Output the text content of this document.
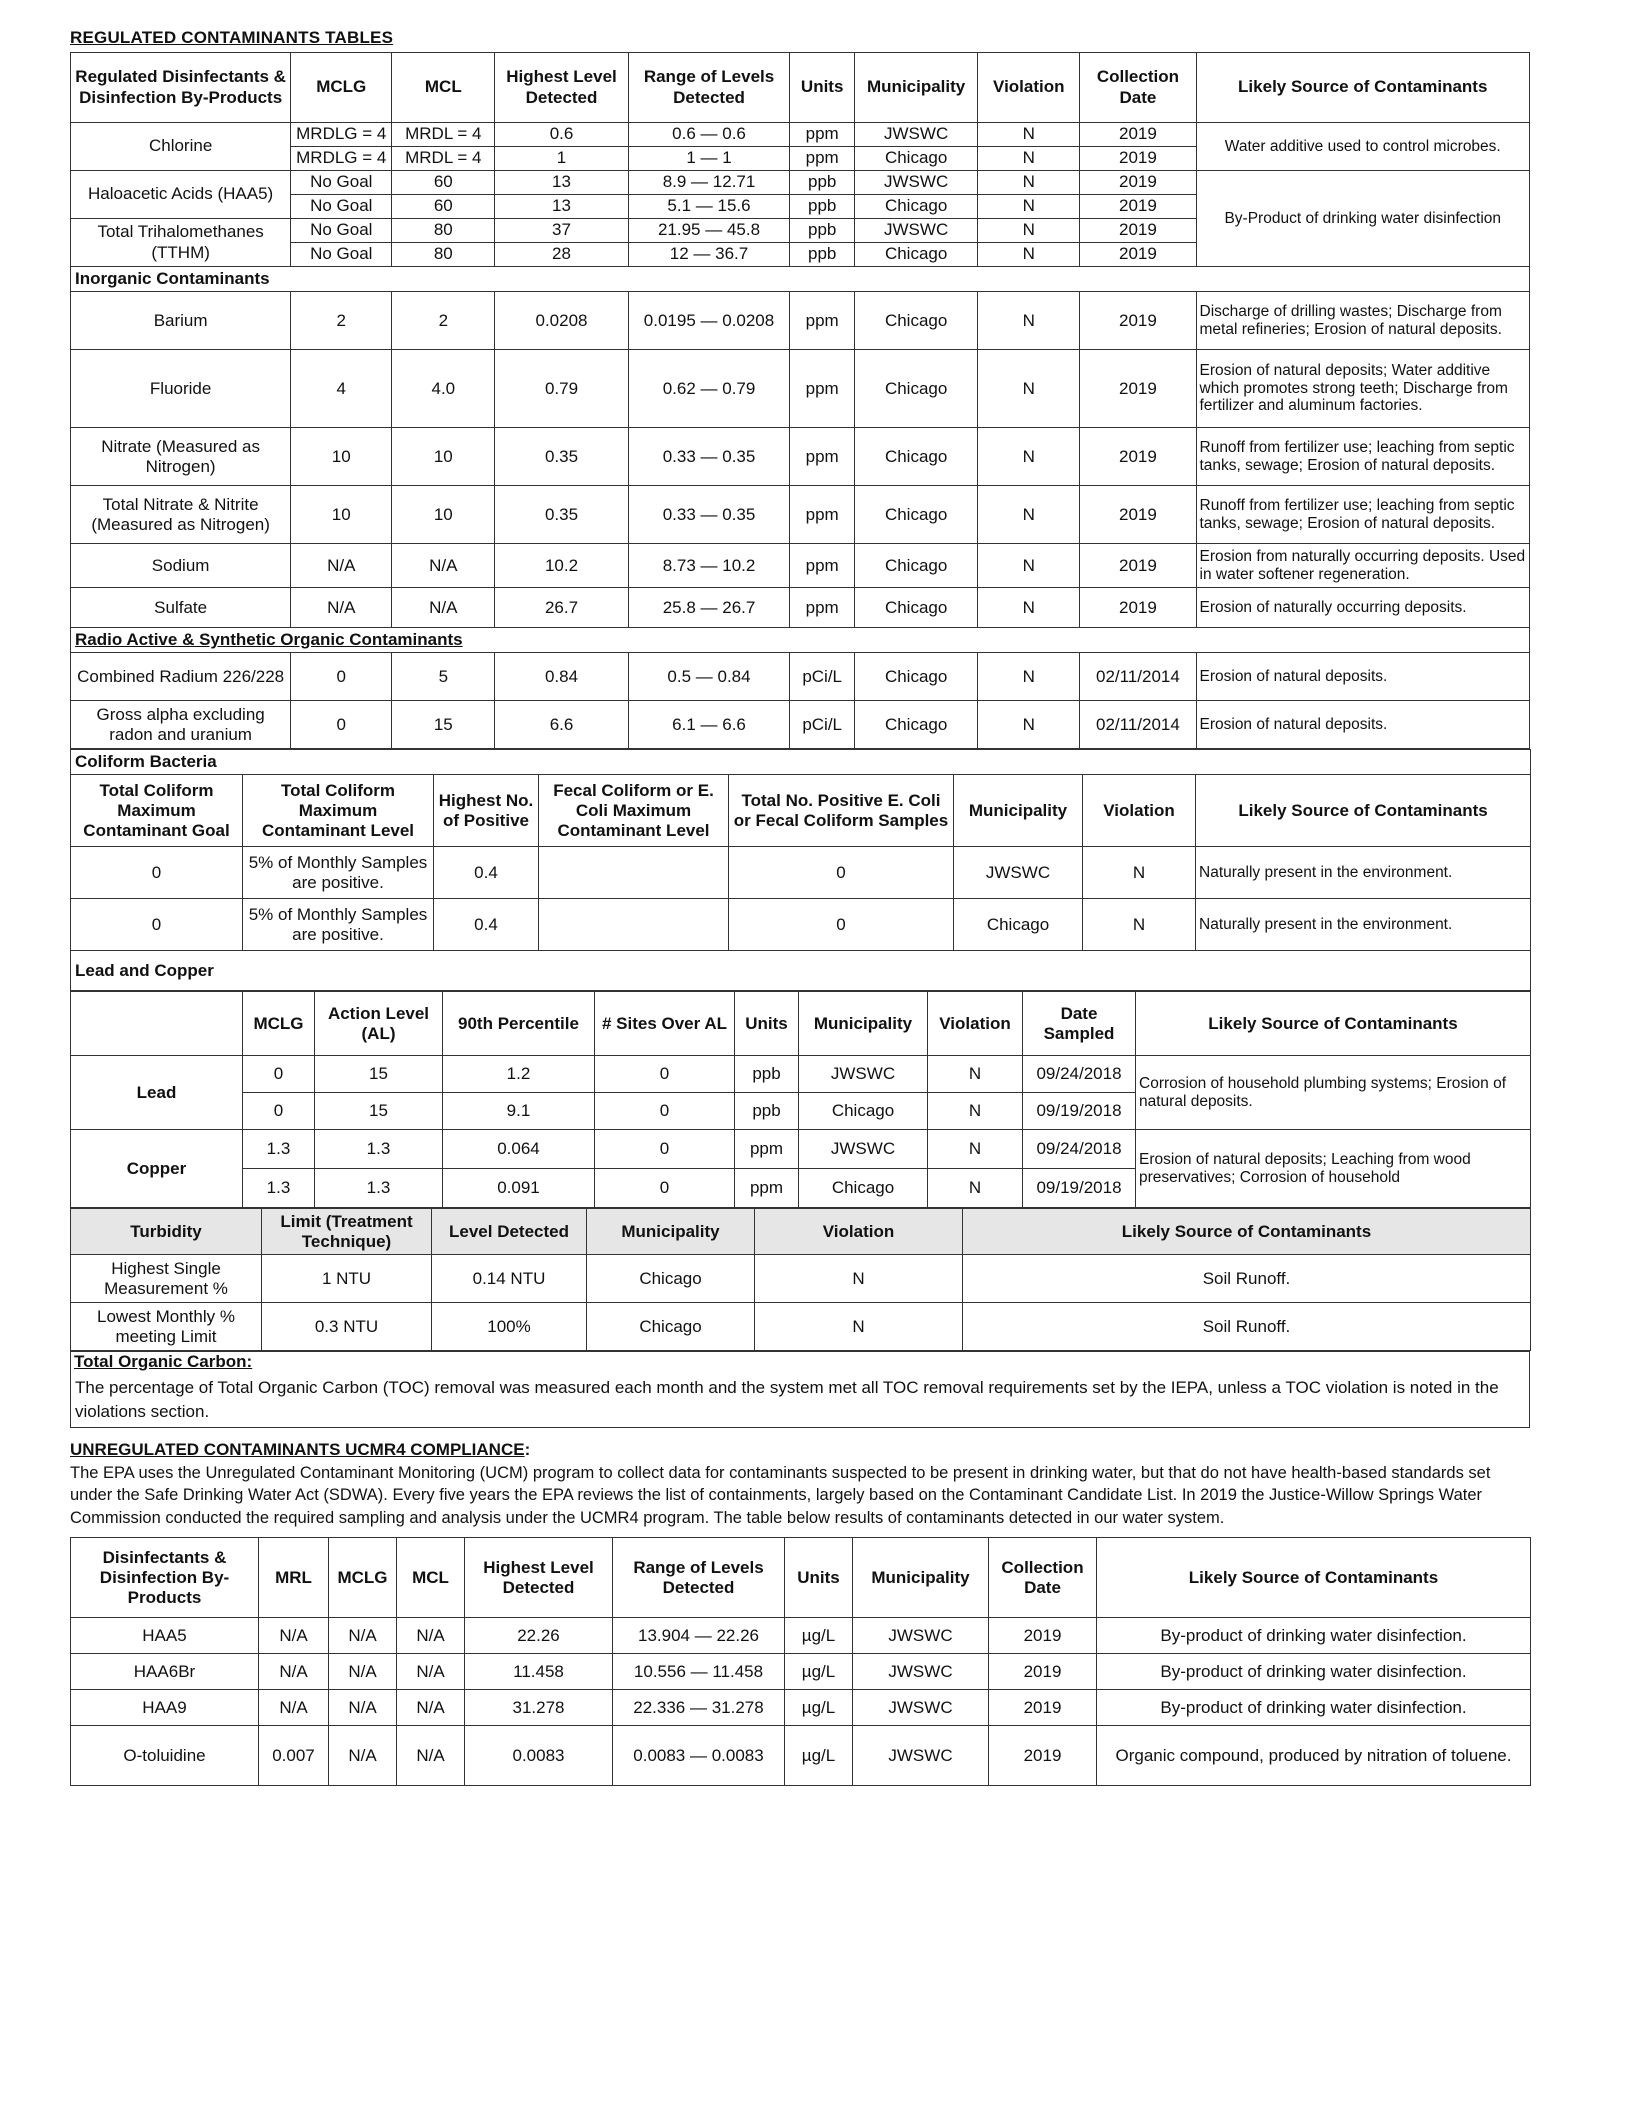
REGULATED CONTAMINANTS TABLES
Regulated Disinfectants & Disinfection By-Products	MCLG	MCL	Highest Level Detected	Range of Levels Detected	Units	Municipality	Violation	Collection Date	Likely Source of Contaminants
Chlorine	MRDLG = 4	MRDL = 4	0.6	0.6 — 0.6	ppm	JWSWC	N	2019	Water additive used to control microbes.
	MRDLG = 4	MRDL = 4	1	1 — 1	ppm	Chicago	N	2019	
Haloacetic Acids (HAA5)	No Goal	60	13	8.9 — 12.71	ppb	JWSWC	N	2019	By-Product of drinking water disinfection
	No Goal	60	13	5.1 — 15.6	ppb	Chicago	N	2019	
Total Trihalomethanes (TTHM)	No Goal	80	37	21.95 — 45.8	ppb	JWSWC	N	2019	
	No Goal	80	28	12 — 36.7	ppb	Chicago	N	2019	
Inorganic Contaminants									
Barium	2	2	0.0208	0.0195 — 0.0208	ppm	Chicago	N	2019	Discharge of drilling wastes; Discharge from metal refineries; Erosion of natural deposits.
Fluoride	4	4.0	0.79	0.62 — 0.79	ppm	Chicago	N	2019	Erosion of natural deposits; Water additive which promotes strong teeth; Discharge from fertilizer and aluminum factories.
Nitrate (Measured as Nitrogen)	10	10	0.35	0.33 — 0.35	ppm	Chicago	N	2019	Runoff from fertilizer use; leaching from septic tanks, sewage; Erosion of natural deposits.
Total Nitrate & Nitrite (Measured as Nitrogen)	10	10	0.35	0.33 — 0.35	ppm	Chicago	N	2019	Runoff from fertilizer use; leaching from septic tanks, sewage; Erosion of natural deposits.
Sodium	N/A	N/A	10.2	8.73 — 10.2	ppm	Chicago	N	2019	Erosion from naturally occurring deposits. Used in water softener regeneration.
Sulfate	N/A	N/A	26.7	25.8 — 26.7	ppm	Chicago	N	2019	Erosion of naturally occurring deposits.
Radio Active & Synthetic Organic Contaminants									
Combined Radium 226/228	0	5	0.84	0.5 — 0.84	pCi/L	Chicago	N	02/11/2014	Erosion of natural deposits.
Gross alpha excluding radon and uranium	0	15	6.6	6.1 — 6.6	pCi/L	Chicago	N	02/11/2014	Erosion of natural deposits.
Coliform Bacteria							
Total Coliform Maximum Contaminant Goal	Total Coliform Maximum Contaminant Level	Highest No. of Positive	Fecal Coliform or E. Coli Maximum Contaminant Level	Total No. Positive E. Coli or Fecal Coliform Samples	Municipality	Violation	Likely Source of Contaminants
0	5% of Monthly Samples are positive.	0.4		0	JWSWC	N	Naturally present in the environment.
0	5% of Monthly Samples are positive.	0.4		0	Chicago	N	Naturally present in the environment.
Lead and Copper							
	MCLG	Action Level (AL)	90th Percentile	# Sites Over AL	Units	Municipality	Violation	Date Sampled	Likely Source of Contaminants
Lead	0	15	1.2	0	ppb	JWSWC	N	09/24/2018	Corrosion of household plumbing systems; Erosion of natural deposits.
	0	15	9.1	0	ppb	Chicago	N	09/19/2018	
Copper	1.3	1.3	0.064	0	ppm	JWSWC	N	09/24/2018	Erosion of natural deposits; Leaching from wood preservatives; Corrosion of household
	1.3	1.3	0.091	0	ppm	Chicago	N	09/19/2018	
Turbidity	Limit (Treatment Technique)	Level Detected	Municipality	Violation	Likely Source of Contaminants
Highest Single Measurement %	1 NTU	0.14 NTU	Chicago	N	Soil Runoff.
Lowest Monthly % meeting Limit	0.3 NTU	100%	Chicago	N	Soil Runoff.
Total Organic Carbon:
The percentage of Total Organic Carbon (TOC) removal was measured each month and the system met all TOC removal requirements set by the IEPA, unless a TOC violation is noted in the violations section.
UNREGULATED CONTAMINANTS UCMR4 COMPLIANCE:
The EPA uses the Unregulated Contaminant Monitoring (UCM) program to collect data for contaminants suspected to be present in drinking water, but that do not have health-based standards set under the Safe Drinking Water Act (SDWA). Every five years the EPA reviews the list of containments, largely based on the Contaminant Candidate List. In 2019 the Justice-Willow Springs Water Commission conducted the required sampling and analysis under the UCMR4 program. The table below results of contaminants detected in our water system.
Disinfectants & Disinfection By-Products	MRL	MCLG	MCL	Highest Level Detected	Range of Levels Detected	Units	Municipality	Collection Date	Likely Source of Contaminants
HAA5	N/A	N/A	N/A	22.26	13.904 — 22.26	µg/L	JWSWC	2019	By-product of drinking water disinfection.
HAA6Br	N/A	N/A	N/A	11.458	10.556 — 11.458	µg/L	JWSWC	2019	By-product of drinking water disinfection.
HAA9	N/A	N/A	N/A	31.278	22.336 — 31.278	µg/L	JWSWC	2019	By-product of drinking water disinfection.
O-toluidine	0.007	N/A	N/A	0.0083	0.0083 — 0.0083	µg/L	JWSWC	2019	Organic compound, produced by nitration of toluene.
